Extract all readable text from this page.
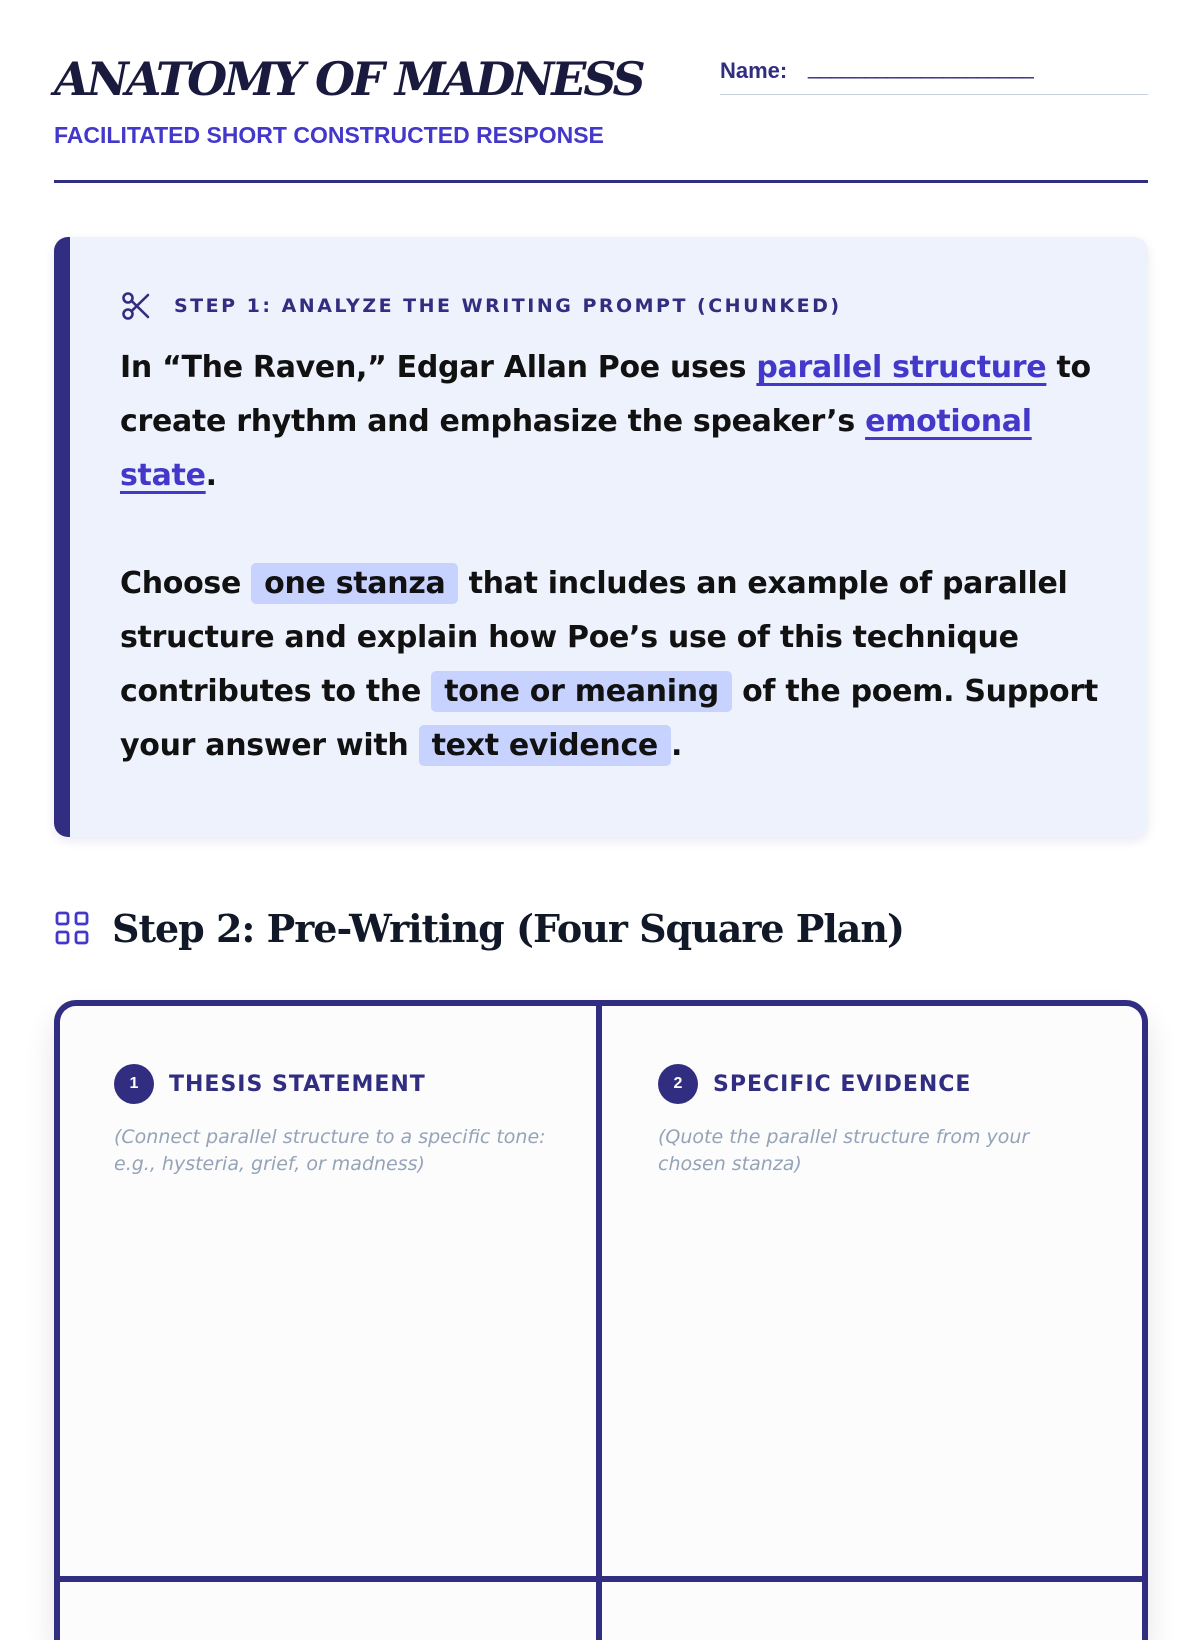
ANATOMY OF MADNESS
FACILITATED SHORT CONSTRUCTED RESPONSE
Name: ____________________
STEP 1: ANALYZE THE WRITING PROMPT (CHUNKED)
In “The Raven,” Edgar Allan Poe uses parallel structure to
create rhythm and emphasize the speaker’s emotional
state.
Choose one stanza that includes an example of parallel
structure and explain how Poe’s use of this technique
contributes to the tone or meaning of the poem. Support
your answer with text evidence .
Step 2: Pre-Writing (Four Square Plan)
1	THESIS STATEMENT
(Connect parallel structure to a specific tone:
e.g., hysteria, grief, or madness)
2	SPECIFIC EVIDENCE
(Quote the parallel structure from your
chosen stanza)
